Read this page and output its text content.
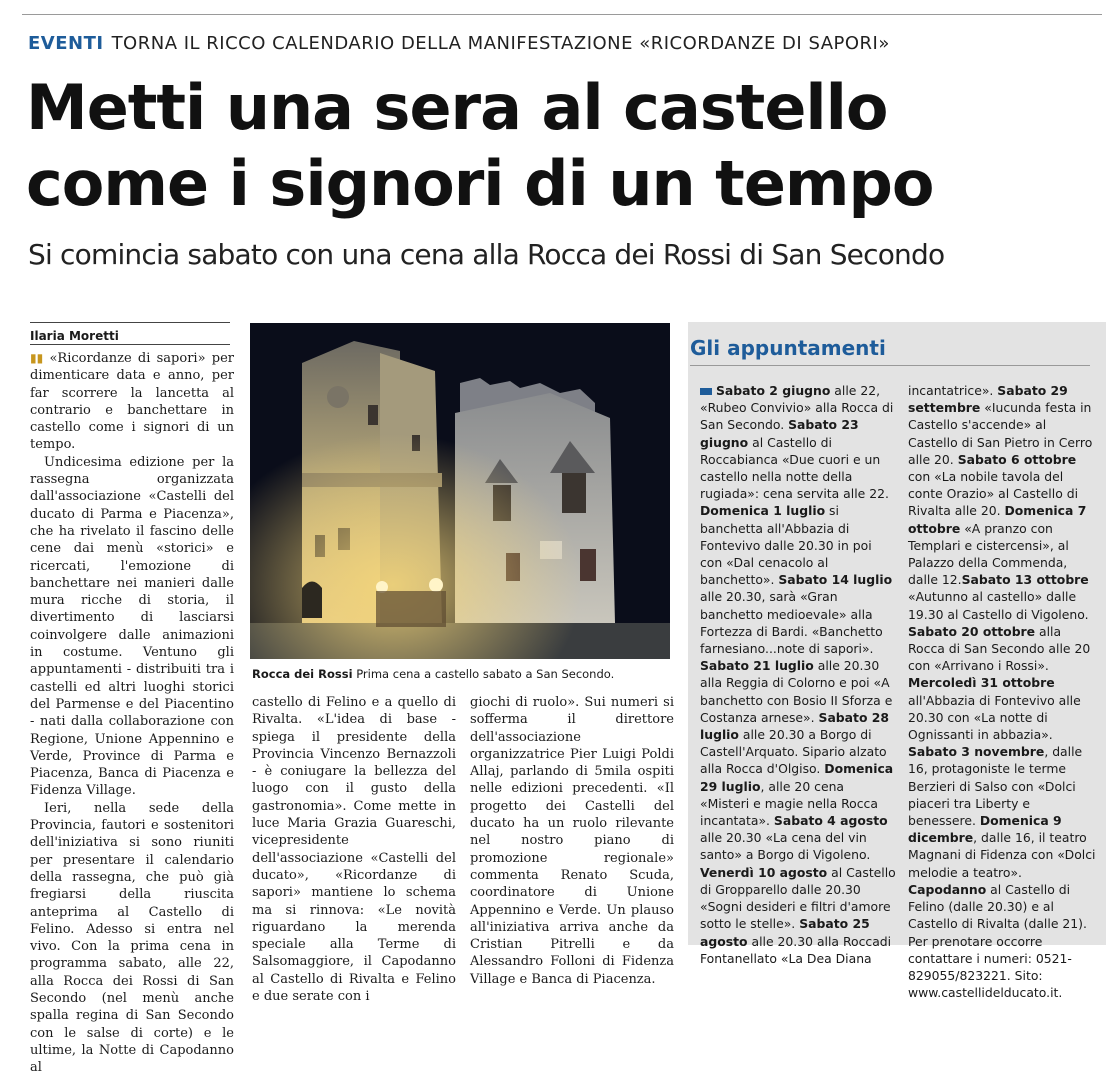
EVENTI TORNA IL RICCO CALENDARIO DELLA MANIFESTAZIONE «RICORDANZE DI SAPORI»
Metti una sera al castello
come i signori di un tempo
Si comincia sabato con una cena alla Rocca dei Rossi di San Secondo
Ilaria Moretti

▮▮ «Ricordanze di sapori» per dimenticare data e anno, per far scorrere la lancetta al contrario e banchettare in castello come i signori di un tempo.

Undicesima edizione per la rassegna organizzata dall'associazione «Castelli del ducato di Parma e Piacenza», che ha rivelato il fascino delle cene dai menù «storici» e ricercati, l'emozione di banchettare nei manieri dalle mura ricche di storia, il divertimento di lasciarsi coinvolgere dalle animazioni in costume. Ventuno gli appuntamenti - distribuiti tra i castelli ed altri luoghi storici del Parmense e del Piacentino - nati dalla collaborazione con Regione, Unione Appennino e Verde, Province di Parma e Piacenza, Banca di Piacenza e Fidenza Village.

Ieri, nella sede della Provincia, fautori e sostenitori dell'iniziativa si sono riuniti per presentare il calendario della rassegna, che può già fregiarsi della riuscita anteprima al Castello di Felino. Adesso si entra nel vivo. Con la prima cena in programma sabato, alle 22, alla Rocca dei Rossi di San Secondo (nel menù anche spalla regina di San Secondo con le salse di corte) e le ultime, la Notte di Capodanno al

Rocca dei Rossi Prima cena a castello sabato a San Secondo.

castello di Felino e a quello di Rivalta. «L'idea di base - spiega il presidente della Provincia Vincenzo Bernazzoli - è coniugare la bellezza del luogo con il gusto della gastronomia». Come mette in luce Maria Grazia Guareschi, vicepresidente dell'associazione «Castelli del ducato», «Ricordanze di sapori» mantiene lo schema ma si rinnova: «Le novità riguardano la merenda speciale alla Terme di Salsomaggiore, il Capodanno al Castello di Rivalta e Felino e due serate con i

giochi di ruolo». Sui numeri si sofferma il direttore dell'associazione organizzatrice Pier Luigi Poldi Allaj, parlando di 5mila ospiti nelle edizioni precedenti. «Il progetto dei Castelli del ducato ha un ruolo rilevante nel nostro piano di promozione regionale» commenta Renato Scuda, coordinatore di Unione Appennino e Verde. Un plauso all'iniziativa arriva anche da Cristian Pitrelli e da Alessandro Folloni di Fidenza Village e Banca di Piacenza.

Gli appuntamenti
Sabato 2 giugno alle 22, «Rubeo Convivio» alla Rocca di San Secondo. Sabato 23 giugno al Castello di Roccabianca «Due cuori e un castello nella notte della rugiada»: cena servita alle 22. Domenica 1 luglio si banchetta all'Abbazia di Fontevivo dalle 20.30 in poi con «Dal cenacolo al banchetto». Sabato 14 luglio alle 20.30, sarà «Gran banchetto medioevale» alla Fortezza di Bardi. «Banchetto farnesiano...note di sapori». Sabato 21 luglio alle 20.30 alla Reggia di Colorno e poi «A banchetto con Bosio II Sforza e Costanza arnese». Sabato 28 luglio alle 20.30 a Borgo di Castell'Arquato. Sipario alzato alla Rocca d'Olgiso. Domenica 29 luglio, alle 20 cena «Misteri e magie nella Rocca incantata». Sabato 4 agosto alle 20.30 «La cena del vin santo» a Borgo di Vigoleno. Venerdì 10 agosto al Castello di Gropparello dalle 20.30 «Sogni desideri e filtri d'amore sotto le stelle». Sabato 25 agosto alle 20.30 alla Roccadi Fontanellato «La Dea Diana
incantatrice». Sabato 29 settembre «Iucunda festa in Castello s'accende» al Castello di San Pietro in Cerro alle 20. Sabato 6 ottobre con «La nobile tavola del conte Orazio» al Castello di Rivalta alle 20. Domenica 7 ottobre «A pranzo con Templari e cistercensi», al Palazzo della Commenda, dalle 12.Sabato 13 ottobre «Autunno al castello» dalle 19.30 al Castello di Vigoleno. Sabato 20 ottobre alla Rocca di San Secondo alle 20 con «Arrivano i Rossi». Mercoledì 31 ottobre all'Abbazia di Fontevivo alle 20.30 con «La notte di Ognissanti in abbazia». Sabato 3 novembre, dalle 16, protagoniste le terme Berzieri di Salso con «Dolci piaceri tra Liberty e benessere. Domenica 9 dicembre, dalle 16, il teatro Magnani di Fidenza con «Dolci melodie a teatro». Capodanno al Castello di Felino (dalle 20.30) e al Castello di Rivalta (dalle 21). Per prenotare occorre contattare i numeri: 0521-829055/823221. Sito: www.castellidelducato.it.
